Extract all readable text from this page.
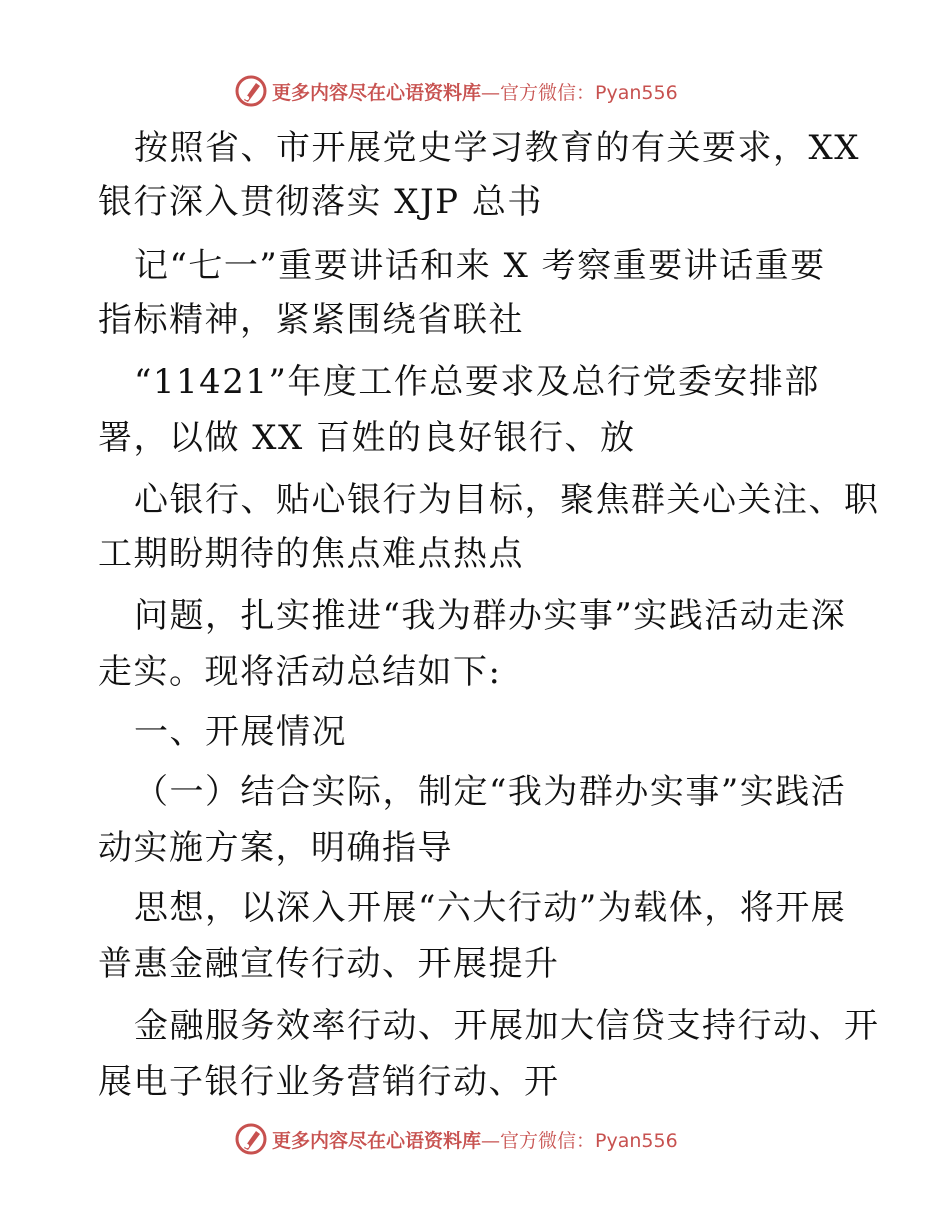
更多内容尽在心语资料库—官方微信：Pyan556
按照省、市开展党史学习教育的有关要求，XX
银行深入贯彻落实 XJP 总书
记“七一”重要讲话和来 X 考察重要讲话重要
指标精神，紧紧围绕省联社
“11421”年度工作总要求及总行党委安排部
署，以做 XX 百姓的良好银行、放
心银行、贴心银行为目标，聚焦群关心关注、职
工期盼期待的焦点难点热点
问题，扎实推进“我为群办实事”实践活动走深
走实。现将活动总结如下:
一、开展情况
（一）结合实际，制定“我为群办实事”实践活
动实施方案，明确指导
思想，以深入开展“六大行动”为载体，将开展
普惠金融宣传行动、开展提升
金融服务效率行动、开展加大信贷支持行动、开
展电子银行业务营销行动、开
更多内容尽在心语资料库—官方微信：Pyan556
